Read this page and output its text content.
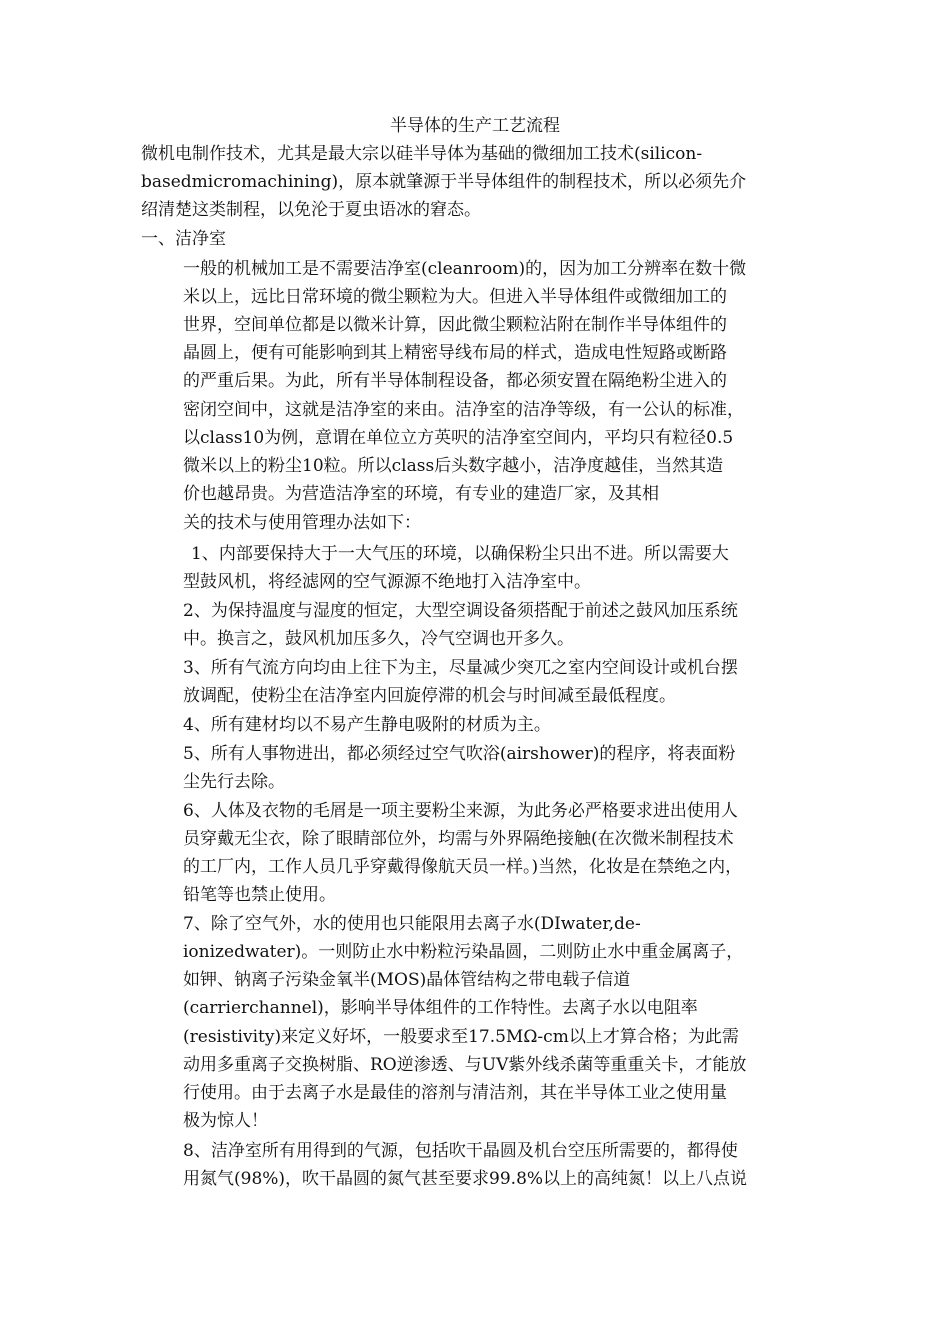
半导体的生产工艺流程
微机电制作技术，尤其是最大宗以硅半导体为基础的微细加工技术(silicon-
basedmicromachining)，原本就肇源于半导体组件的制程技术，所以必须先介
绍清楚这类制程，以免沦于夏虫语冰的窘态。
一、洁净室
一般的机械加工是不需要洁净室(cleanroom)的，因为加工分辨率在数十微
米以上，远比日常环境的微尘颗粒为大。但进入半导体组件或微细加工的
世界，空间单位都是以微米计算，因此微尘颗粒沾附在制作半导体组件的
晶圆上，便有可能影响到其上精密导线布局的样式，造成电性短路或断路
的严重后果。为此，所有半导体制程设备，都必须安置在隔绝粉尘进入的
密闭空间中，这就是洁净室的来由。洁净室的洁净等级，有一公认的标准，
以class10为例，意谓在单位立方英呎的洁净室空间内，平均只有粒径0.5
微米以上的粉尘10粒。所以class后头数字越小，洁净度越佳，当然其造
价也越昂贵。为营造洁净室的环境，有专业的建造厂家，及其相
关的技术与使用管理办法如下：
1、内部要保持大于一大气压的环境，以确保粉尘只出不进。所以需要大
型鼓风机，将经滤网的空气源源不绝地打入洁净室中。
2、为保持温度与湿度的恒定，大型空调设备须搭配于前述之鼓风加压系统
中。换言之，鼓风机加压多久，冷气空调也开多久。
3、所有气流方向均由上往下为主，尽量减少突兀之室内空间设计或机台摆
放调配，使粉尘在洁净室内回旋停滞的机会与时间减至最低程度。
4、所有建材均以不易产生静电吸附的材质为主。
5、所有人事物进出，都必须经过空气吹浴(airshower)的程序，将表面粉
尘先行去除。
6、人体及衣物的毛屑是一项主要粉尘来源，为此务必严格要求进出使用人
员穿戴无尘衣，除了眼睛部位外，均需与外界隔绝接触(在次微米制程技术
的工厂内，工作人员几乎穿戴得像航天员一样。)当然，化妆是在禁绝之内，
铅笔等也禁止使用。
7、除了空气外，水的使用也只能限用去离子水(DIwater,de-
ionizedwater)。一则防止水中粉粒污染晶圆，二则防止水中重金属离子，
如钾、钠离子污染金氧半(MOS)晶体管结构之带电载子信道
(carrierchannel)，影响半导体组件的工作特性。去离子水以电阻率
(resistivity)来定义好坏，一般要求至17.5MΩ-cm以上才算合格；为此需
动用多重离子交换树脂、RO逆渗透、与UV紫外线杀菌等重重关卡，才能放
行使用。由于去离子水是最佳的溶剂与清洁剂，其在半导体工业之使用量
极为惊人！
8、洁净室所有用得到的气源，包括吹干晶圆及机台空压所需要的，都得使
用氮气(98%)，吹干晶圆的氮气甚至要求99.8%以上的高纯氮！以上八点说
